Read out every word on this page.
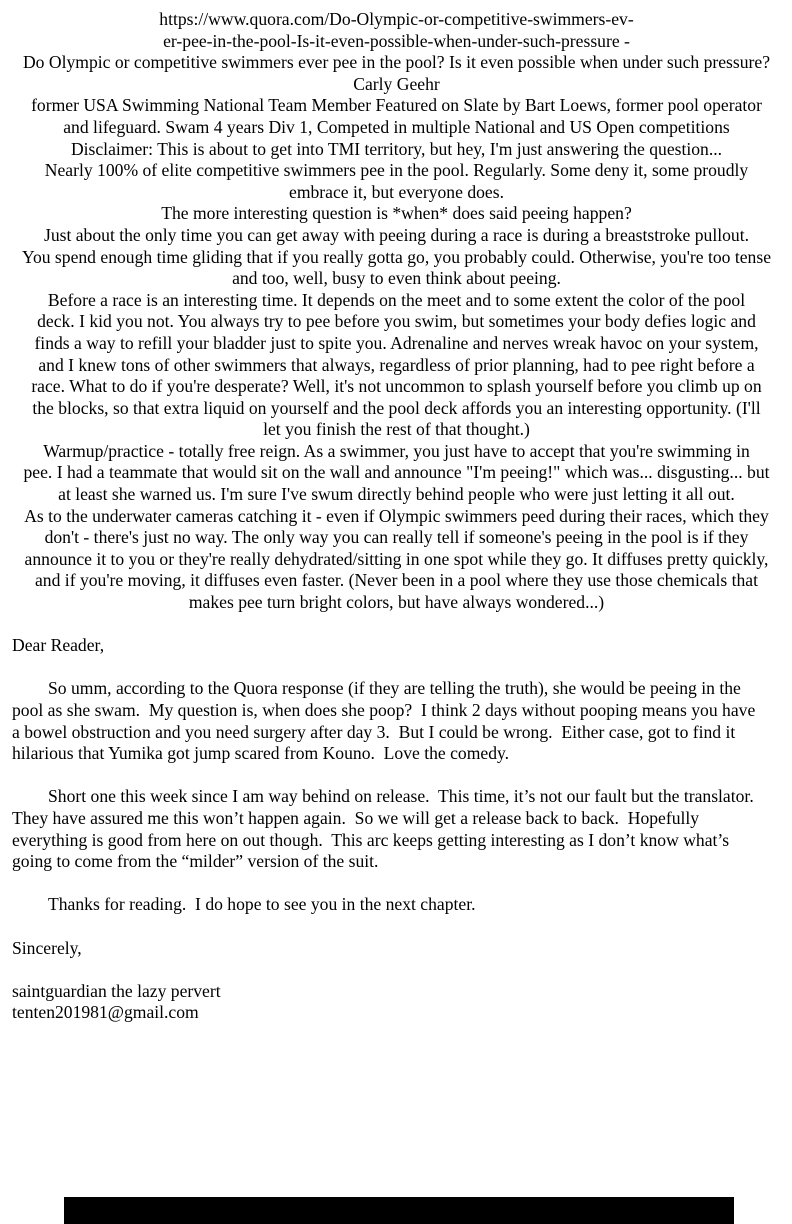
https://www.quora.com/Do-Olympic-or-competitive-swimmers-ev-
er-pee-in-the-pool-Is-it-even-possible-when-under-such-pressure -
Do Olympic or competitive swimmers ever pee in the pool? Is it even possible when under such pressure?
Carly Geehr
former USA Swimming National Team Member Featured on Slate by Bart Loews, former pool operator
and lifeguard. Swam 4 years Div 1, Competed in multiple National and US Open competitions
Disclaimer: This is about to get into TMI territory, but hey, I'm just answering the question...
Nearly 100% of elite competitive swimmers pee in the pool. Regularly. Some deny it, some proudly
embrace it, but everyone does.
The more interesting question is *when* does said peeing happen?
Just about the only time you can get away with peeing during a race is during a breaststroke pullout.
You spend enough time gliding that if you really gotta go, you probably could. Otherwise, you're too tense
and too, well, busy to even think about peeing.
Before a race is an interesting time. It depends on the meet and to some extent the color of the pool
deck. I kid you not. You always try to pee before you swim, but sometimes your body defies logic and
finds a way to refill your bladder just to spite you. Adrenaline and nerves wreak havoc on your system,
and I knew tons of other swimmers that always, regardless of prior planning, had to pee right before a
race. What to do if you're desperate? Well, it's not uncommon to splash yourself before you climb up on
the blocks, so that extra liquid on yourself and the pool deck affords you an interesting opportunity. (I'll
let you finish the rest of that thought.)
Warmup/practice - totally free reign. As a swimmer, you just have to accept that you're swimming in
pee. I had a teammate that would sit on the wall and announce "I'm peeing!" which was... disgusting... but
at least she warned us. I'm sure I've swum directly behind people who were just letting it all out.
As to the underwater cameras catching it - even if Olympic swimmers peed during their races, which they
don't - there's just no way. The only way you can really tell if someone's peeing in the pool is if they
announce it to you or they're really dehydrated/sitting in one spot while they go. It diffuses pretty quickly,
and if you're moving, it diffuses even faster. (Never been in a pool where they use those chemicals that
makes pee turn bright colors, but have always wondered...)
Dear Reader,
So umm, according to the Quora response (if they are telling the truth), she would be peeing in the
pool as she swam.  My question is, when does she poop?  I think 2 days without pooping means you have
a bowel obstruction and you need surgery after day 3.  But I could be wrong.  Either case, got to find it
hilarious that Yumika got jump scared from Kouno.  Love the comedy.
Short one this week since I am way behind on release.  This time, it’s not our fault but the translator.
They have assured me this won’t happen again.  So we will get a release back to back.  Hopefully
everything is good from here on out though.  This arc keeps getting interesting as I don’t know what’s
going to come from the “milder” version of the suit.
Thanks for reading.  I do hope to see you in the next chapter.
Sincerely,
saintguardian the lazy pervert
tenten201981@gmail.com
